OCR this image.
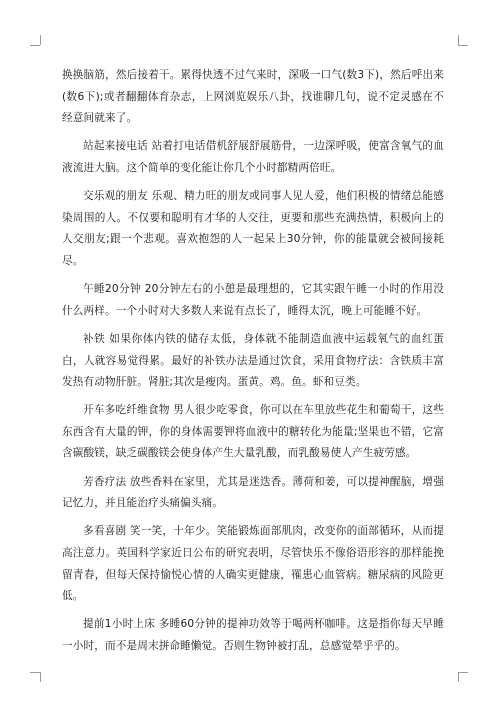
换换脑筋，然后接着干。累得快透不过气来时，深吸一口气(数3下)，然后呼出来(数6下);或者翻翻体育杂志，上网浏览娱乐八卦，找谁聊几句，说不定灵感在不经意间就来了。

站起来接电话 站着打电话借机舒展舒展筋骨，一边深呼吸，使富含氧气的血液流进大脑。这个简单的变化能让你几个小时都精两倍旺。

交乐观的朋友 乐观、精力旺的朋友或同事人见人爱，他们积极的情绪总能感染周围的人。不仅要和聪明有才华的人交往，更要和那些充满热情，积极向上的人交朋友;跟一个悲观。喜欢抱怨的人一起呆上30分钟，你的能量就会被间接耗尽。

午睡20分钟 20分钟左右的小憩是最理想的，它其实跟午睡一小时的作用没什么两样。一个小时对大多数人来说有点长了，睡得太沉，晚上可能睡不好。

补铁 如果你体内铁的储存太低，身体就不能制造血液中运载氧气的血红蛋白，人就容易觉得累。最好的补铁办法是通过饮食，采用食物疗法：含铁质丰富发热有动物肝脏。肾脏;其次是瘦肉。蛋黄。鸡。鱼。虾和豆类。

开车多吃纤维食物 男人很少吃零食，你可以在车里放些花生和葡萄干，这些东西含有大量的钾，你的身体需要钾将血液中的糖转化为能量;坚果也不错，它富含碳酸镁，缺乏碳酸镁会使身体产生大量乳酸，而乳酸易使人产生疲劳感。

芳香疗法 放些香料在家里，尤其是迷迭香。薄荷和姜，可以提神醒脑，增强记忆力，并且能治疗头痛偏头痛。

多看喜剧 笑一笑，十年少。笑能锻炼面部肌肉，改变你的面部循环，从而提高注意力。英国科学家近日公布的研究表明，尽管快乐不像俗语形容的那样能挽留青春，但每天保持愉悦心情的人确实更健康，罹患心血管病。糖尿病的风险更低。

提前1小时上床 多睡60分钟的提神功效等于喝两杯咖啡。这是指你每天早睡一小时，而不是周末拼命睡懒觉。否则生物钟被打乱，总感觉晕乎乎的。
